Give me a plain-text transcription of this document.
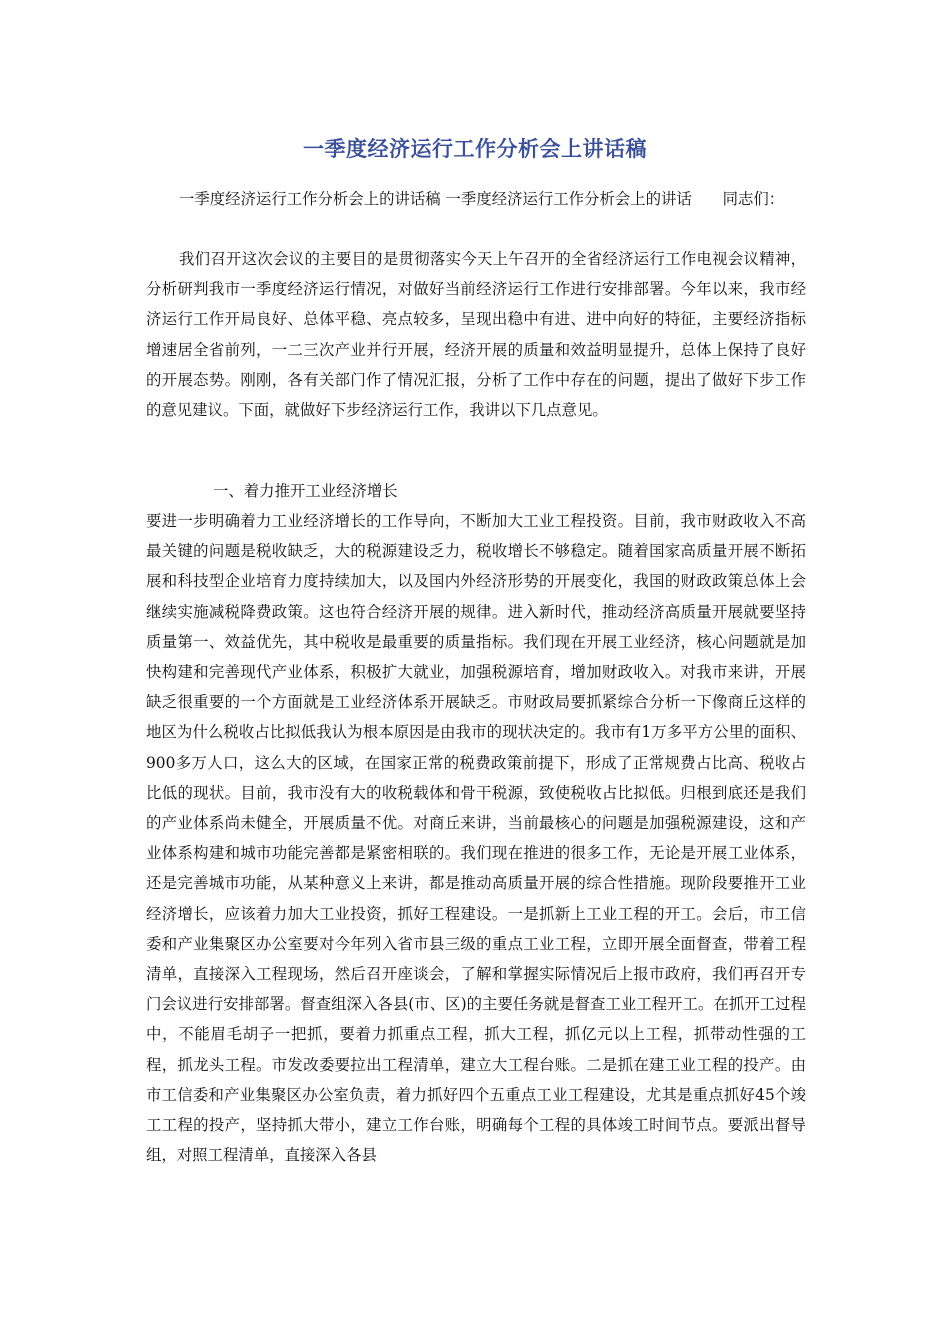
一季度经济运行工作分析会上讲话稿
一季度经济运行工作分析会上的讲话稿 一季度经济运行工作分析会上的讲话　　同志们：
我们召开这次会议的主要目的是贯彻落实今天上午召开的全省经济运行工作电视会议精神，分析研判我市一季度经济运行情况，对做好当前经济运行工作进行安排部署。今年以来，我市经济运行工作开局良好、总体平稳、亮点较多，呈现出稳中有进、进中向好的特征，主要经济指标增速居全省前列，一二三次产业并行开展，经济开展的质量和效益明显提升，总体上保持了良好的开展态势。刚刚，各有关部门作了情况汇报，分析了工作中存在的问题，提出了做好下步工作的意见建议。下面，就做好下步经济运行工作，我讲以下几点意见。
一、着力推开工业经济增长
要进一步明确着力工业经济增长的工作导向，不断加大工业工程投资。目前，我市财政收入不高最关键的问题是税收缺乏，大的税源建设乏力，税收增长不够稳定。随着国家高质量开展不断拓展和科技型企业培育力度持续加大，以及国内外经济形势的开展变化，我国的财政政策总体上会继续实施减税降费政策。这也符合经济开展的规律。进入新时代，推动经济高质量开展就要坚持质量第一、效益优先，其中税收是最重要的质量指标。我们现在开展工业经济，核心问题就是加快构建和完善现代产业体系，积极扩大就业，加强税源培育，增加财政收入。对我市来讲，开展缺乏很重要的一个方面就是工业经济体系开展缺乏。市财政局要抓紧综合分析一下像商丘这样的地区为什么税收占比拟低我认为根本原因是由我市的现状决定的。我市有1万多平方公里的面积、900多万人口，这么大的区域，在国家正常的税费政策前提下，形成了正常规费占比高、税收占比低的现状。目前，我市没有大的收税载体和骨干税源，致使税收占比拟低。归根到底还是我们的产业体系尚未健全，开展质量不优。对商丘来讲，当前最核心的问题是加强税源建设，这和产业体系构建和城市功能完善都是紧密相联的。我们现在推进的很多工作，无论是开展工业体系，还是完善城市功能，从某种意义上来讲，都是推动高质量开展的综合性措施。现阶段要推开工业经济增长，应该着力加大工业投资，抓好工程建设。一是抓新上工业工程的开工。会后，市工信委和产业集聚区办公室要对今年列入省市县三级的重点工业工程，立即开展全面督查，带着工程清单，直接深入工程现场，然后召开座谈会，了解和掌握实际情况后上报市政府，我们再召开专门会议进行安排部署。督查组深入各县(市、区)的主要任务就是督查工业工程开工。在抓开工过程中，不能眉毛胡子一把抓，要着力抓重点工程，抓大工程，抓亿元以上工程，抓带动性强的工程，抓龙头工程。市发改委要拉出工程清单，建立大工程台账。二是抓在建工业工程的投产。由市工信委和产业集聚区办公室负责，着力抓好四个五重点工业工程建设，尤其是重点抓好45个竣工工程的投产，坚持抓大带小，建立工作台账，明确每个工程的具体竣工时间节点。要派出督导组，对照工程清单，直接深入各县
